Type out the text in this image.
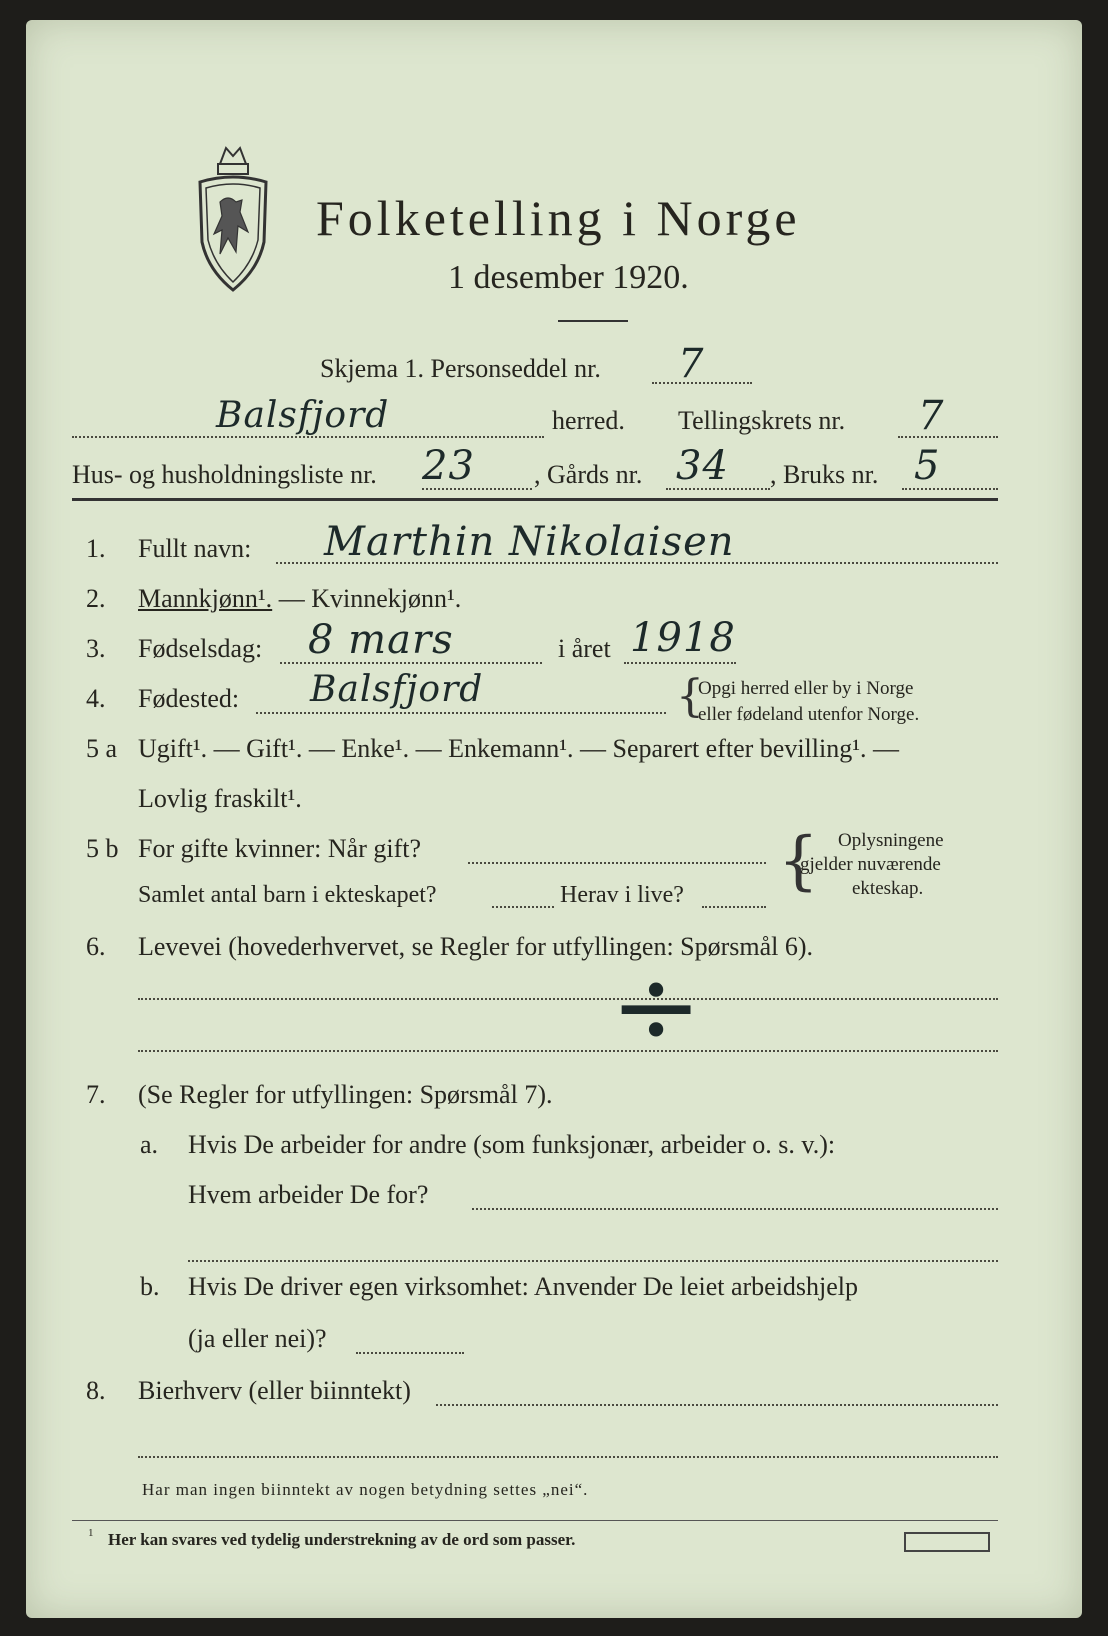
Folketelling i Norge
1 desember 1920.
Skjema 1. Personseddel nr. 7
Balsfjord	herred. Tellingskrets nr. 7
Hus- og husholdningsliste nr. 23 , Gårds nr. 34 , Bruks nr. 5
1. Fullt navn: Marthin Nikolaisen
2. Mannkjønn¹. — Kvinnekjønn¹.
3. Fødselsdag: 8 mars	i året 1918
4. Fødested: Balsfjord	{
Opgi herred eller by i Norge
eller fødeland utenfor Norge.
5 a Ugift¹. — Gift¹. — Enke¹. — Enkemann¹. — Separert efter bevilling¹. —
Lovlig fraskilt¹.
5 b For gifte kvinner: Når gift?
Samlet antal barn i ekteskapet?	Herav i live? { Oplysningene
gjelder nuværende
ekteskap.
6. Levevei (hovederhvervet, se Regler for utfyllingen: Spørsmål 6).
÷
7. (Se Regler for utfyllingen: Spørsmål 7).
a. Hvis De arbeider for andre (som funksjonær, arbeider o. s. v.):
Hvem arbeider De for?
b. Hvis De driver egen virksomhet: Anvender De leiet arbeidshjelp
(ja eller nei)?
8. Bierhverv (eller biinntekt)
Har man ingen biinntekt av nogen betydning settes „nei“.
1 Her kan svares ved tydelig understrekning av de ord som passer.
